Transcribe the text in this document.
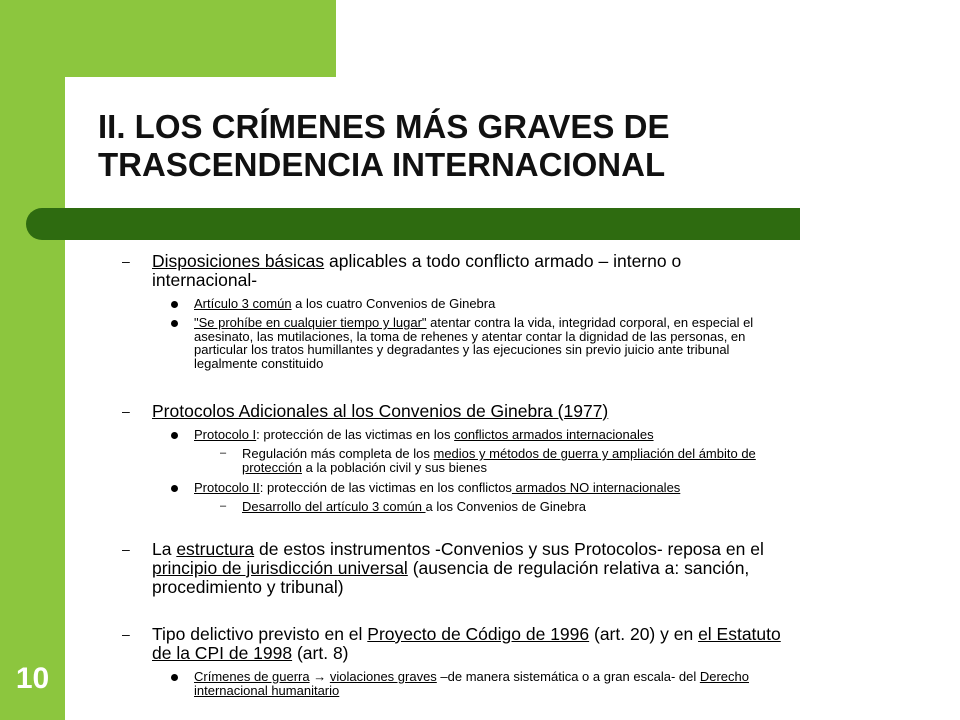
II. LOS CRÍMENES MÁS GRAVES DE
TRASCENDENCIA INTERNACIONAL
10
– Disposiciones básicas aplicables a todo conflicto armado – interno o
internacional-
Artículo 3 común a los cuatro Convenios de Ginebra
"Se prohíbe en cualquier tiempo y lugar" atentar contra la vida, integridad corporal, en especial el
asesinato, las mutilaciones, la toma de rehenes y atentar contar la dignidad de las personas, en
particular los tratos humillantes y degradantes y las ejecuciones sin previo juicio ante tribunal
legalmente constituido
– Protocolos Adicionales al los Convenios de Ginebra (1977)
Protocolo I: protección de las victimas en los conflictos armados internacionales
– Regulación más completa de los medios y métodos de guerra y ampliación del ámbito de
protección a la población civil y sus bienes
Protocolo II: protección de las victimas en los conflictos armados NO internacionales
– Desarrollo del artículo 3 común a los Convenios de Ginebra
– La estructura de estos instrumentos -Convenios y sus Protocolos- reposa en el
principio de jurisdicción universal (ausencia de regulación relativa a: sanción,
procedimiento y tribunal)
– Tipo delictivo previsto en el Proyecto de Código de 1996 (art. 20) y en el Estatuto
de la CPI de 1998 (art. 8)
Crímenes de guerra → violaciones graves –de manera sistemática o a gran escala- del Derecho
internacional humanitario
